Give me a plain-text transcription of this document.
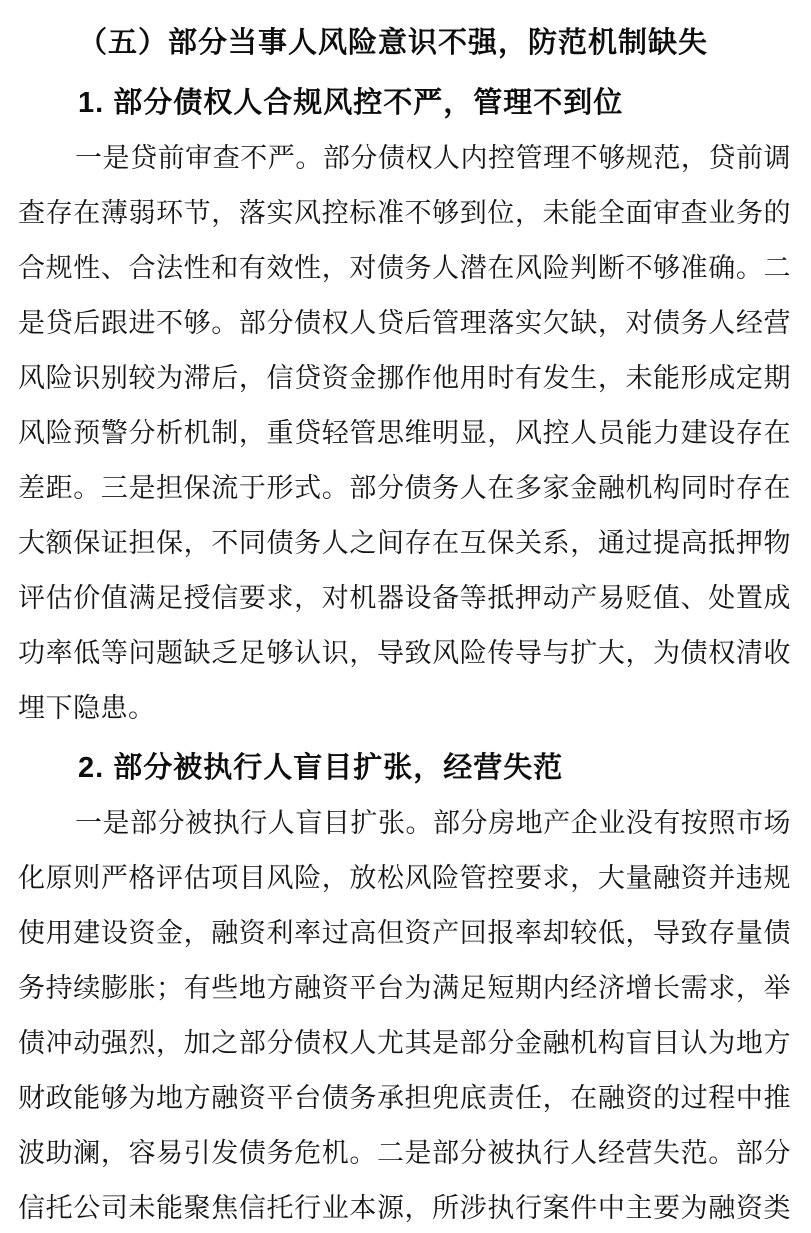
（五）部分当事人风险意识不强，防范机制缺失
1. 部分债权人合规风控不严，管理不到位
一是贷前审查不严。部分债权人内控管理不够规范，贷前调
查存在薄弱环节，落实风控标准不够到位，未能全面审查业务的
合规性、合法性和有效性，对债务人潜在风险判断不够准确。二
是贷后跟进不够。部分债权人贷后管理落实欠缺，对债务人经营
风险识别较为滞后，信贷资金挪作他用时有发生，未能形成定期
风险预警分析机制，重贷轻管思维明显，风控人员能力建设存在
差距。三是担保流于形式。部分债务人在多家金融机构同时存在
大额保证担保，不同债务人之间存在互保关系，通过提高抵押物
评估价值满足授信要求，对机器设备等抵押动产易贬值、处置成
功率低等问题缺乏足够认识，导致风险传导与扩大，为债权清收
埋下隐患。
2. 部分被执行人盲目扩张，经营失范
一是部分被执行人盲目扩张。部分房地产企业没有按照市场
化原则严格评估项目风险，放松风险管控要求，大量融资并违规
使用建设资金，融资利率过高但资产回报率却较低，导致存量债
务持续膨胀；有些地方融资平台为满足短期内经济增长需求，举
债冲动强烈，加之部分债权人尤其是部分金融机构盲目认为地方
财政能够为地方融资平台债务承担兜底责任，在融资的过程中推
波助澜，容易引发债务危机。二是部分被执行人经营失范。部分
信托公司未能聚焦信托行业本源，所涉执行案件中主要为融资类
